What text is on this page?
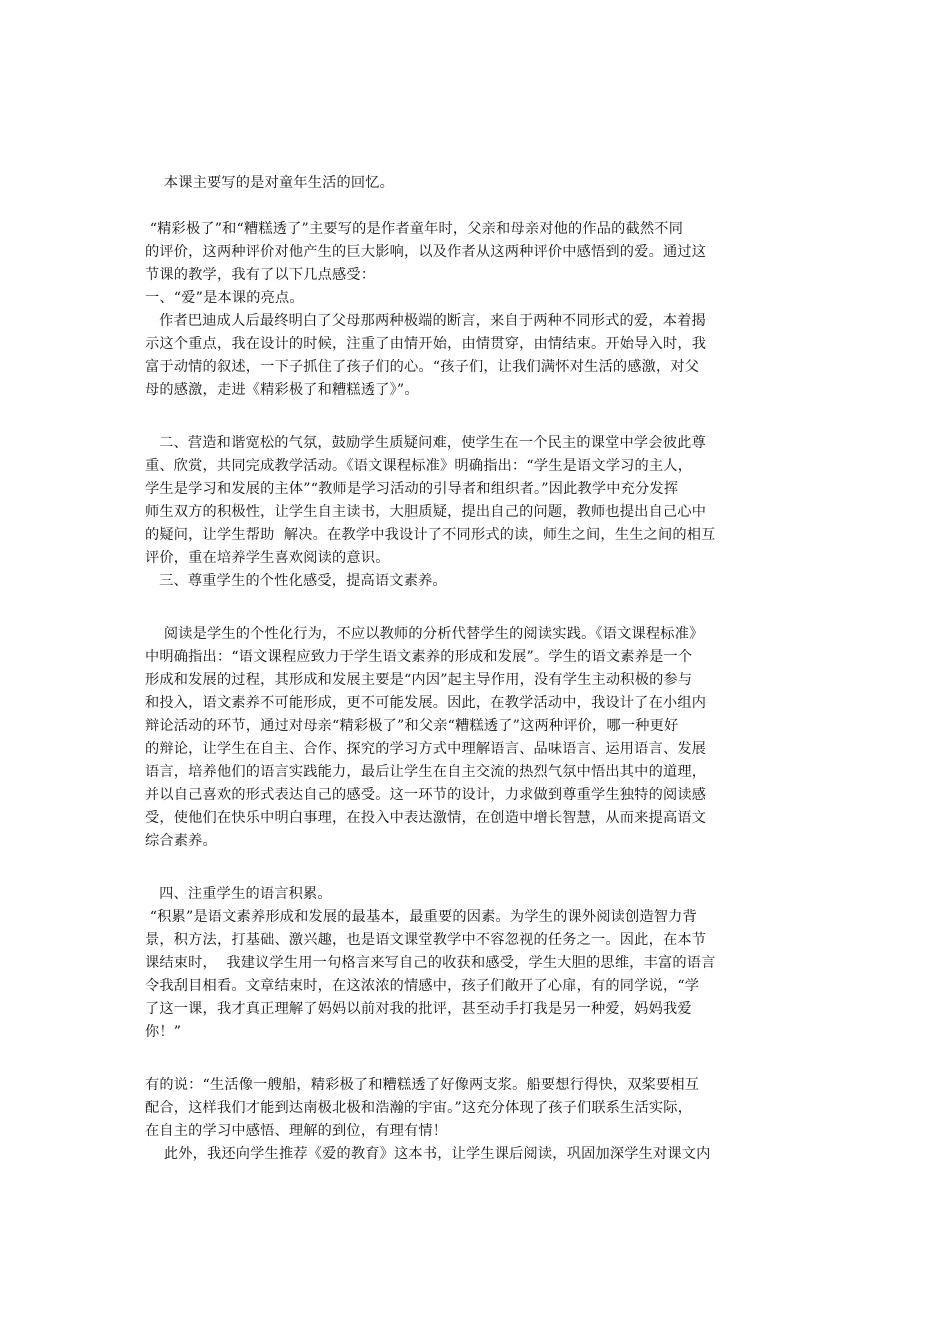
本课主要写的是对童年生活的回忆。

“精彩极了”和“糟糕透了”主要写的是作者童年时，父亲和母亲对他的作品的截然不同
的评价，这两种评价对他产生的巨大影响，以及作者从这两种评价中感悟到的爱。通过这
节课的教学，我有了以下几点感受：

一、“爱”是本课的亮点。

作者巴迪成人后最终明白了父母那两种极端的断言，来自于两种不同形式的爱，本着揭
示这个重点，我在设计的时候，注重了由情开始，由情贯穿，由情结束。开始导入时，我
富于动情的叙述，一下子抓住了孩子们的心。“孩子们，让我们满怀对生活的感激，对父
母的感激，走进《精彩极了和糟糕透了》”。

二、营造和谐宽松的气氛，鼓励学生质疑问难，使学生在一个民主的课堂中学会彼此尊
重、欣赏，共同完成教学活动。《语文课程标准》明确指出：“学生是语文学习的主人，
学生是学习和发展的主体”“教师是学习活动的引导者和组织者。”因此教学中充分发挥
师生双方的积极性，让学生自主读书，大胆质疑，提出自己的问题，教师也提出自己心中
的疑问，让学生帮助  解决。在教学中我设计了不同形式的读，师生之间，生生之间的相互
评价，重在培养学生喜欢阅读的意识。

三、尊重学生的个性化感受，提高语文素养。

阅读是学生的个性化行为，不应以教师的分析代替学生的阅读实践。《语文课程标准》
中明确指出：“语文课程应致力于学生语文素养的形成和发展”。学生的语文素养是一个
形成和发展的过程，其形成和发展主要是“内因”起主导作用，没有学生主动积极的参与
和投入，语文素养不可能形成，更不可能发展。因此，在教学活动中，我设计了在小组内
辩论活动的环节，通过对母亲“精彩极了”和父亲“糟糕透了”这两种评价，哪一种更好
的辩论，让学生在自主、合作、探究的学习方式中理解语言、品味语言、运用语言、发展
语言，培养他们的语言实践能力，最后让学生在自主交流的热烈气氛中悟出其中的道理，
并以自己喜欢的形式表达自己的感受。这一环节的设计，力求做到尊重学生独特的阅读感
受，使他们在快乐中明白事理，在投入中表达激情，在创造中增长智慧，从而来提高语文
综合素养。

四、注重学生的语言积累。

“积累”是语文素养形成和发展的最基本，最重要的因素。为学生的课外阅读创造智力背
景，积方法，打基础、激兴趣，也是语文课堂教学中不容忽视的任务之一。因此，在本节
课结束时，  我建议学生用一句格言来写自己的收获和感受，学生大胆的思维，丰富的语言
令我刮目相看。文章结束时，在这浓浓的情感中，孩子们敞开了心扉，有的同学说，“学
了这一课，我才真正理解了妈妈以前对我的批评，甚至动手打我是另一种爱，妈妈我爱
你！”

有的说：“生活像一艘船，精彩极了和糟糕透了好像两支浆。船要想行得快，双桨要相互
配合，这样我们才能到达南极北极和浩瀚的宇宙。”这充分体现了孩子们联系生活实际，
在自主的学习中感悟、理解的到位，有理有情！

此外，我还向学生推荐《爱的教育》这本书，让学生课后阅读，巩固加深学生对课文内
